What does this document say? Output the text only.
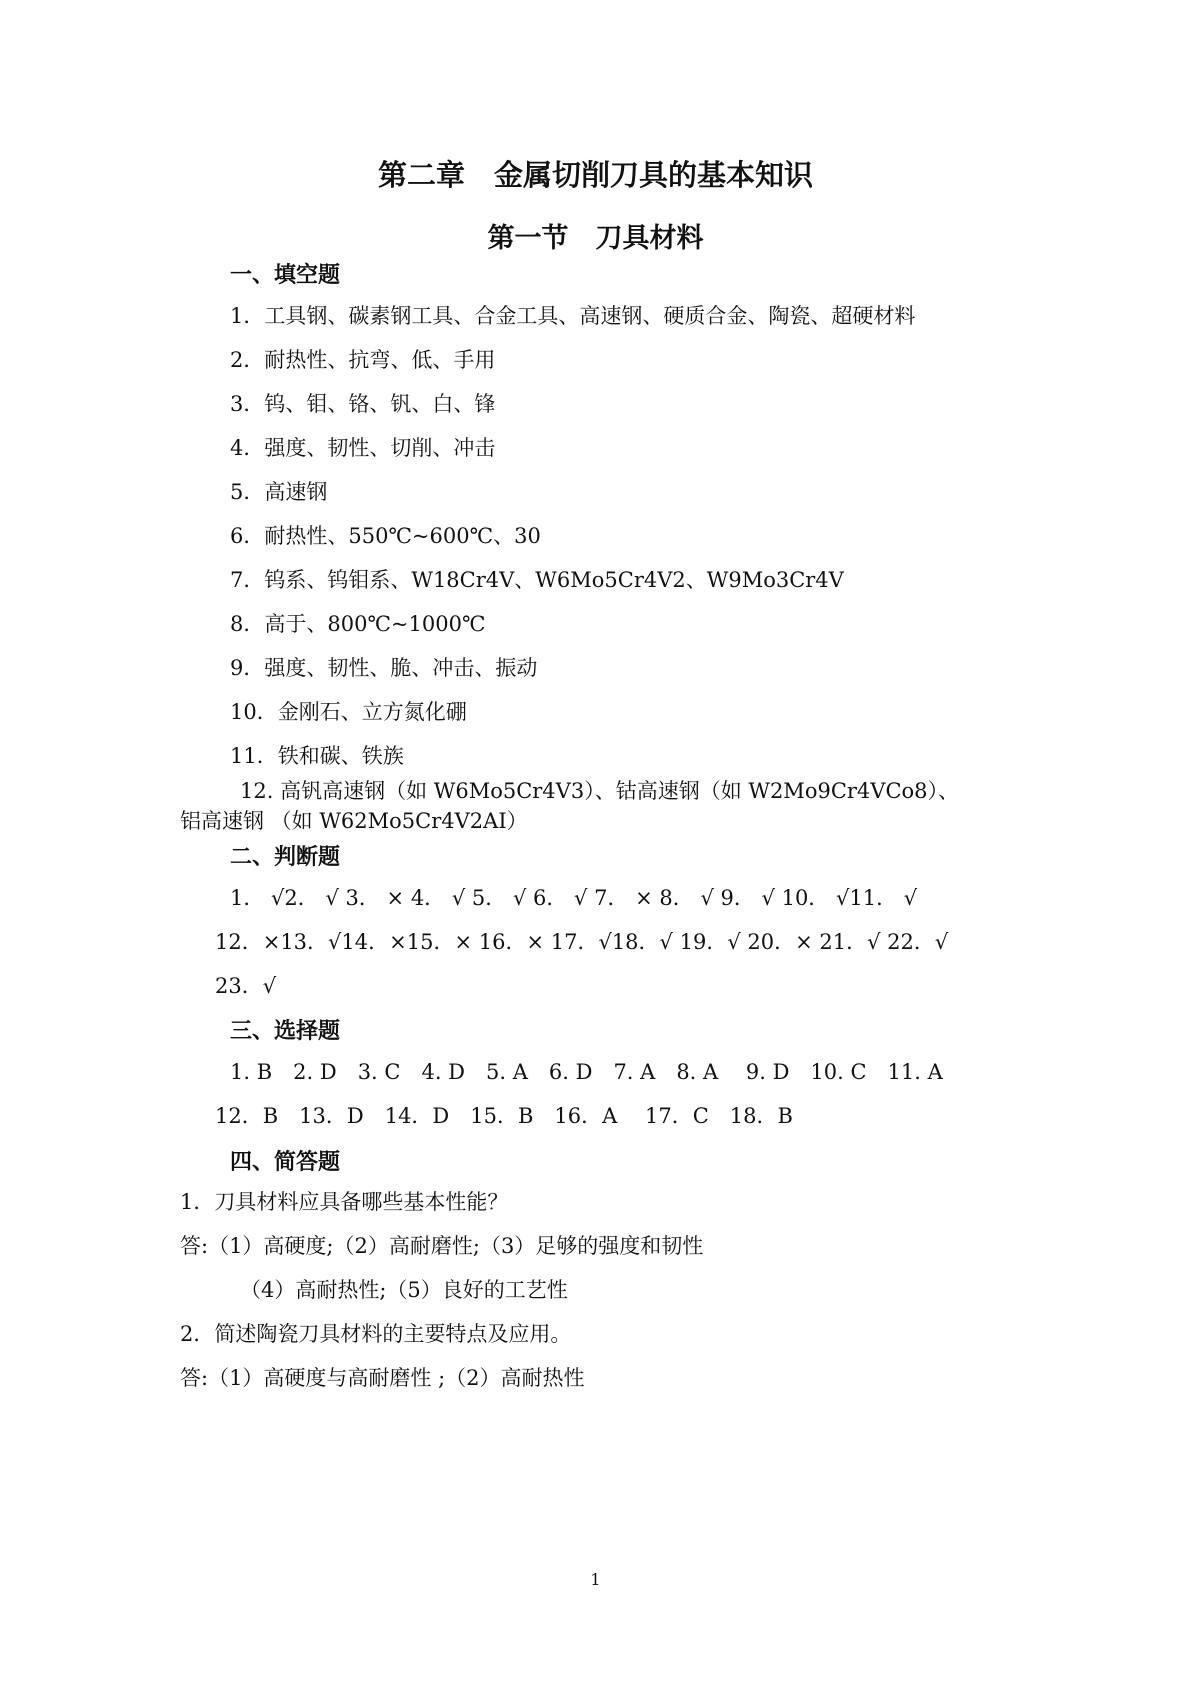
第二章　金属切削刀具的基本知识
第一节　刀具材料
一、填空题
1．工具钢、碳素钢工具、合金工具、高速钢、硬质合金、陶瓷、超硬材料
2．耐热性、抗弯、低、手用
3．钨、钼、铬、钒、白、锋
4．强度、韧性、切削、冲击
5．高速钢
6．耐热性、550℃~600℃、30
7．钨系、钨钼系、W18Cr4V、W6Mo5Cr4V2、W9Mo3Cr4V
8．高于、800℃~1000℃
9．强度、韧性、脆、冲击、振动
10．金刚石、立方氮化硼
11．铁和碳、铁族
12. 高钒高速钢（如 W6Mo5Cr4V3）、钴高速钢（如 W2Mo9Cr4VCo8）、
铝高速钢 （如 W62Mo5Cr4V2AI）
二、判断题
1． √2． √ 3． × 4． √ 5． √ 6． √ 7． × 8． √ 9． √ 10． √11． √
12．×13．√14．×15．× 16．× 17．√18．√ 19．√ 20．× 21．√ 22．√
23．√
三、选择题
1. B　2. D　3. C　4. D　5. A　6. D　7. A　8. A　 9. D　10. C　11. A
12．B　13．D　14．D　15．B　16．A　 17．C　18．B
四、简答题
1．刀具材料应具备哪些基本性能？
答:（1）高硬度;（2）高耐磨性;（3）足够的强度和韧性
（4）高耐热性;（5）良好的工艺性
2．简述陶瓷刀具材料的主要特点及应用。
答:（1）高硬度与高耐磨性 ;（2）高耐热性
1
